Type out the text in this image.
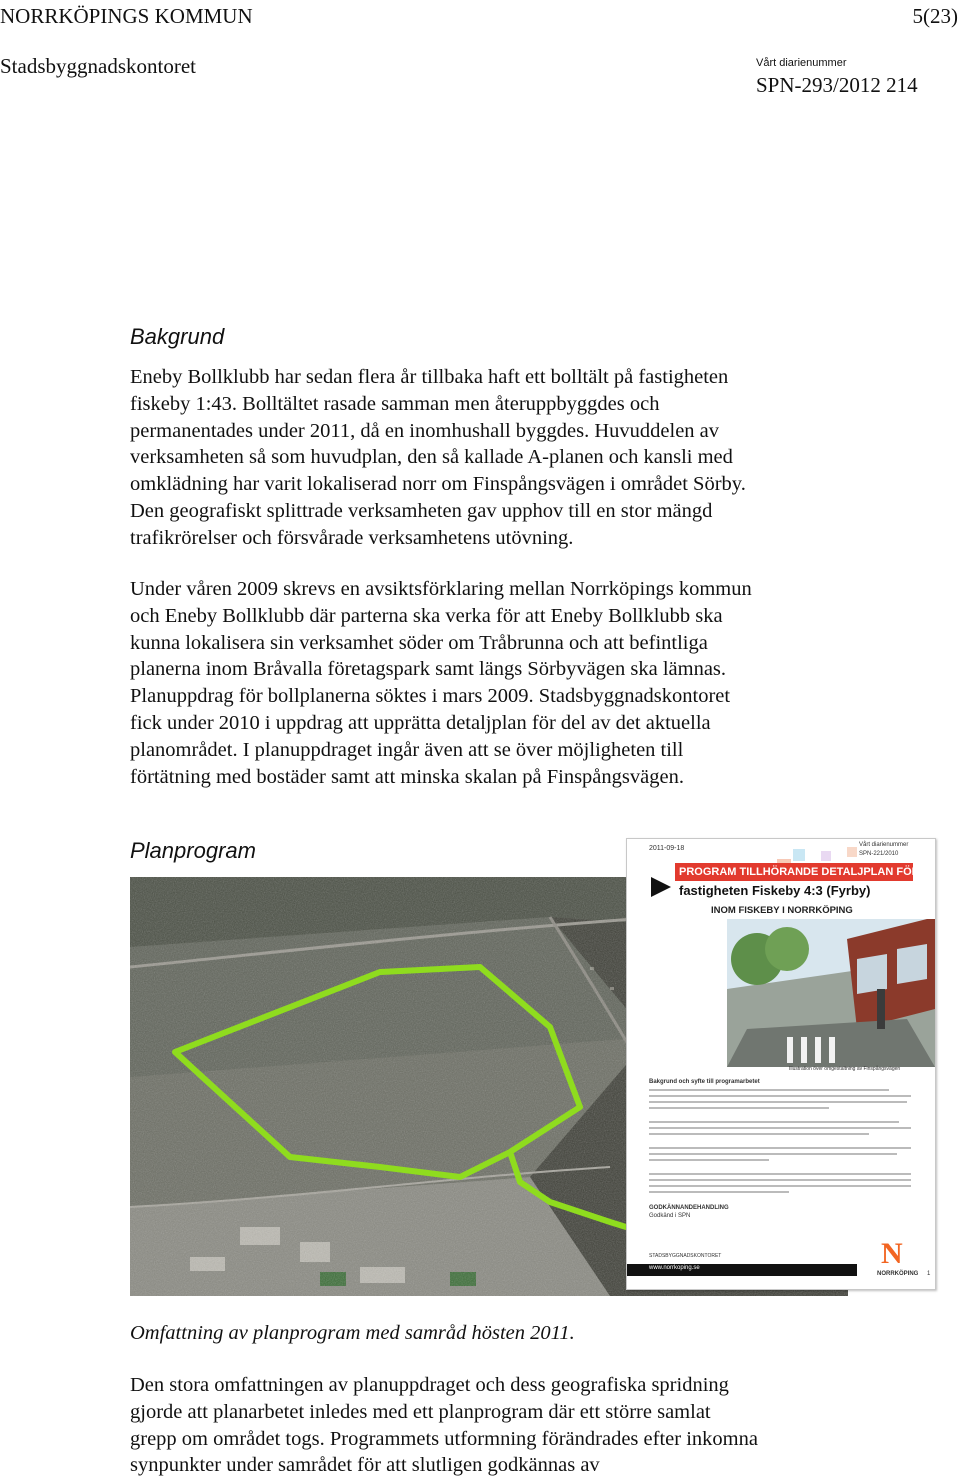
NORRKÖPINGS KOMMUN	5(23)
Stadsbyggnadskontoret	Vårt diarienummer
SPN-293/2012 214
Bakgrund

Eneby Bollklubb har sedan flera år tillbaka haft ett bolltält på fastigheten
fiskeby 1:43. Bolltältet rasade samman men återuppbyggdes och
permanentades under 2011, då en inomhushall byggdes. Huvuddelen av
verksamheten så som huvudplan, den så kallade A-planen och kansli med
omklädning har varit lokaliserad norr om Finspångsvägen i området Sörby.
Den geografiskt splittrade verksamheten gav upphov till en stor mängd
trafikrörelser och försvårade verksamhetens utövning.

Under våren 2009 skrevs en avsiktsförklaring mellan Norrköpings kommun
och Eneby Bollklubb där parterna ska verka för att Eneby Bollklubb ska
kunna lokalisera sin verksamhet söder om Tråbrunna och att befintliga
planerna inom Bråvalla företagspark samt längs Sörbyvägen ska lämnas.
Planuppdrag för bollplanerna söktes i mars 2009. Stadsbyggnadskontoret
fick under 2010 i uppdrag att upprätta detaljplan för del av det aktuella
planområdet. I planuppdraget ingår även att se över möjligheten till
förtätning med bostäder samt att minska skalan på Finspångsvägen.

Planprogram	2011-09-18	Vårt diarienummer
SPN-221/2010
PROGRAM TILLHÖRANDE DETALJPLAN FÖR
fastigheten Fiskeby 4:3 (Fyrby)
INOM FISKEBY I NORRKÖPING
Illustration över omgestaltning av Finspångsvägen
Bakgrund och syfte till programarbetet
GODKÄNNANDEHANDLING
Godkänd i SPN
STADSBYGGNADSKONTORET
www.norrkoping.se	N
NORRKÖPING 1
Omfattning av planprogram med samråd hösten 2011.

Den stora omfattningen av planuppdraget och dess geografiska spridning
gjorde att planarbetet inledes med ett planprogram där ett större samlat
grepp om området togs. Programmets utformning förändrades efter inkomna
synpunkter under samrådet för att slutligen godkännas av
